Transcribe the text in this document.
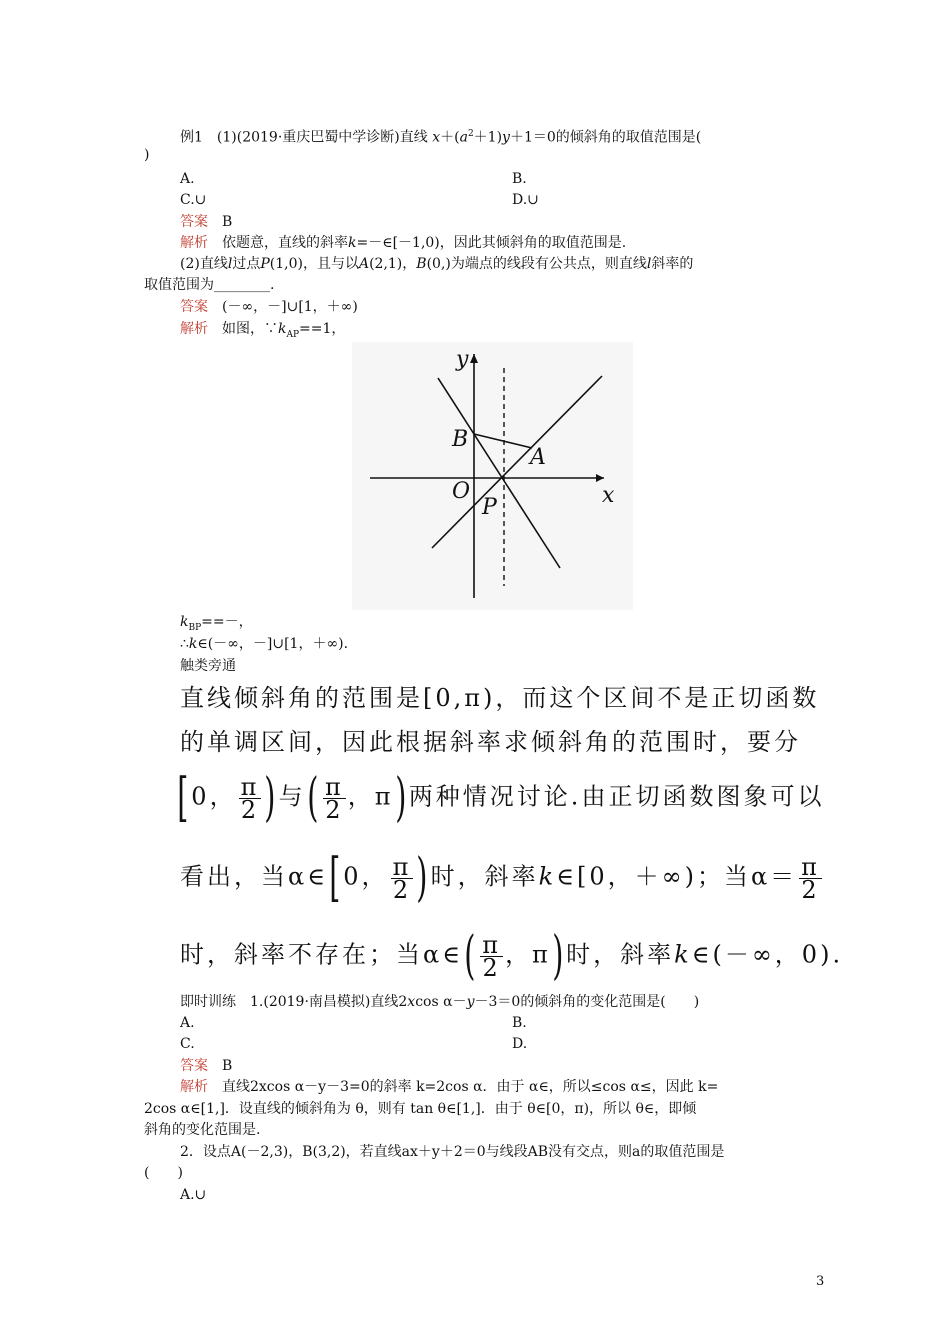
例1　(1)(2019·重庆巴蜀中学诊断)直线 $x+(a^2+1)y+1=0$的倾斜角的取值范围是(
)
A.	B.
C.∪	D.∪
答案　 B
解析　 依题意，直线的斜率k=－∈[－1,0)，因此其倾斜角的取值范围是.
(2)直线l过点P(1,0)，且与以A(2,1)，B(0,)为端点的线段有公共点，则直线l斜率的
取值范围为________.
答案　 (－∞，－]∪[1，＋∞)
解析　 如图，$\because k_{AP}==1$，
y
x
B
A
O
P
$k_{BP}==-$，
∴k∈(－∞，－]∪[1，＋∞).
触类旁通
直线倾斜角的范围是[0,π)，而这个区间不是正切函数
的单调区间，因此根据斜率求倾斜角的范围时，要分
[0， $\frac{\pi}{2}$ )与( $\frac{\pi}{2}$ ，π)两种情况讨论.由正切函数图象可以
看出，当α∈[0， $\frac{\pi}{2}$ )时，斜率k∈[0，＋∞)；当$\alpha= \frac{\pi}{2}$
时，斜率不存在；当α∈( $\frac{\pi}{2}$ ，π)时，斜率k∈(－∞，0).
即时训练　1.(2019·南昌模拟)直线2xcos α－y－3＝0的倾斜角的变化范围是(　　)
A.	B.
C.	D.
答案　 B
解析　 直线2xcos α－y－3=0的斜率 k=2cos α．由于 α∈，所以≤cos α≤，因此 k=
2cos α∈[1,]．设直线的倾斜角为 θ，则有 tan θ∈[1,]．由于 θ∈[0，π)，所以 θ∈，即倾
斜角的变化范围是.
2．设点A(－2,3)，B(3,2)，若直线ax＋y＋2＝0与线段AB没有交点，则a的取值范围是
(　　)
A.∪
3
